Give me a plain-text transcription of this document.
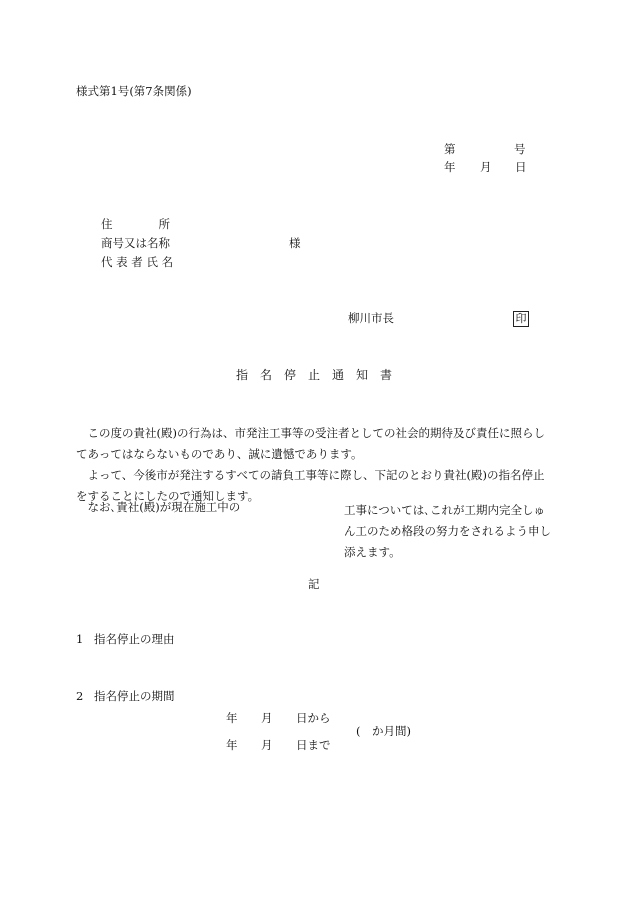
様式第1号(第7条関係)
第	号
年 月 日
住　　　　所
商号又は名称	様
代 表 者 氏 名
柳川市長	印
指　名　停　止　通　知　書

　この度の貴社(殿)の行為は、市発注工事等の受注者としての社会的期待及び責任に照らしてあってはならないものであり、誠に遺憾であります。

　よって、今後市が発注するすべての請負工事等に際し、下記のとおり貴社(殿)の指名停止をすることにしたので通知します。

　なお､貴社(殿)が現在施工中の	工事については､これが工期内完全しゅん工のため格段の努力をされるよう申し添えます。
記
1 指名停止の理由
2 指名停止の期間
年 月 日から
(　か月間)
年 月 日まで
